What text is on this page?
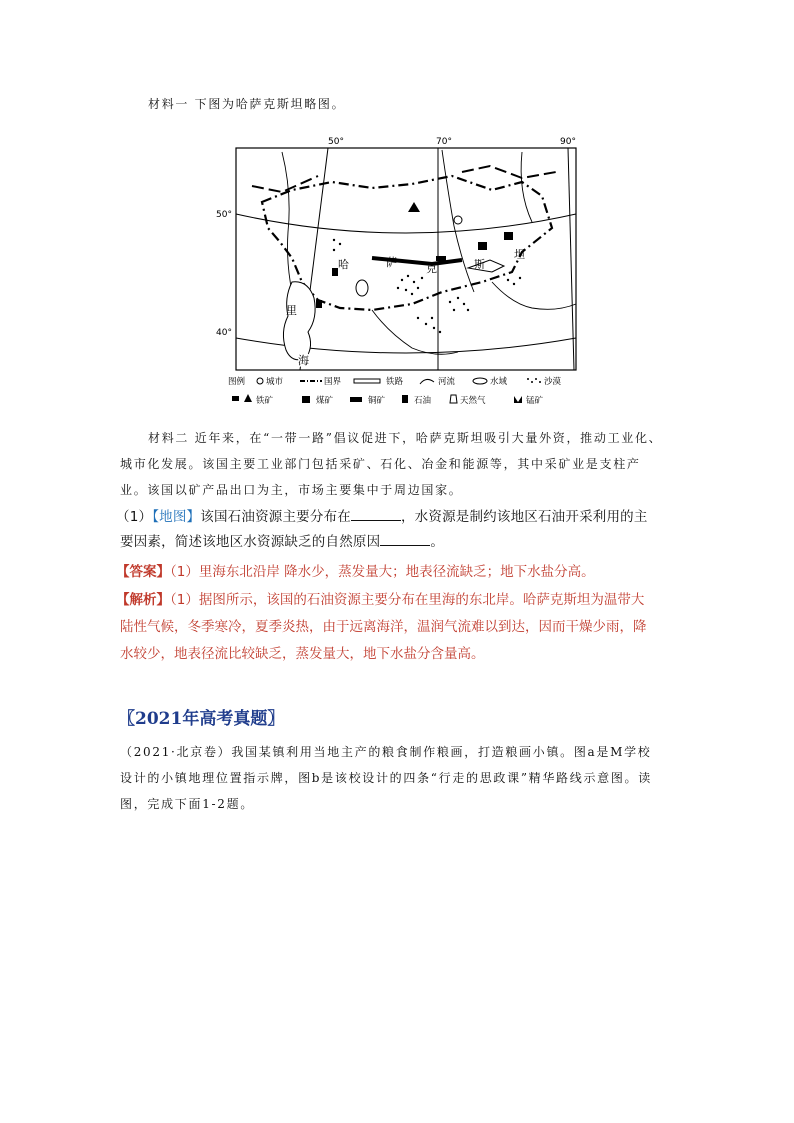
材料一 下图为哈萨克斯坦略图。
50°	70°	90°
50°
40°
哈	萨	克	斯
坦
里
海
图例 城市	国界	铁路	河流	水域	沙漠
铁矿	煤矿	铜矿	石油	天然气	锰矿
材料二 近年来，在“一带一路”倡议促进下，哈萨克斯坦吸引大量外资，推动工业化、
城市化发展。该国主要工业部门包括采矿、石化、冶金和能源等，其中采矿业是支柱产
业。该国以矿产品出口为主，市场主要集中于周边国家。
（1）【地图】该国石油资源主要分布在	，水资源是制约该地区石油开采利用的主
要因素，简述该地区水资源缺乏的自然原因	。
【答案】（1）里海东北沿岸 降水少，蒸发量大；地表径流缺乏；地下水盐分高。
【解析】（1）据图所示，该国的石油资源主要分布在里海的东北岸。哈萨克斯坦为温带大
陆性气候，冬季寒冷，夏季炎热，由于远离海洋，温润气流难以到达，因而干燥少雨，降
水较少，地表径流比较缺乏，蒸发量大，地下水盐分含量高。
〖2021年高考真题〗
（2021·北京卷）我国某镇利用当地主产的粮食制作粮画，打造粮画小镇。图a是M学校
设计的小镇地理位置指示牌，图b是该校设计的四条“行走的思政课”精华路线示意图。读
图，完成下面1-2题。
